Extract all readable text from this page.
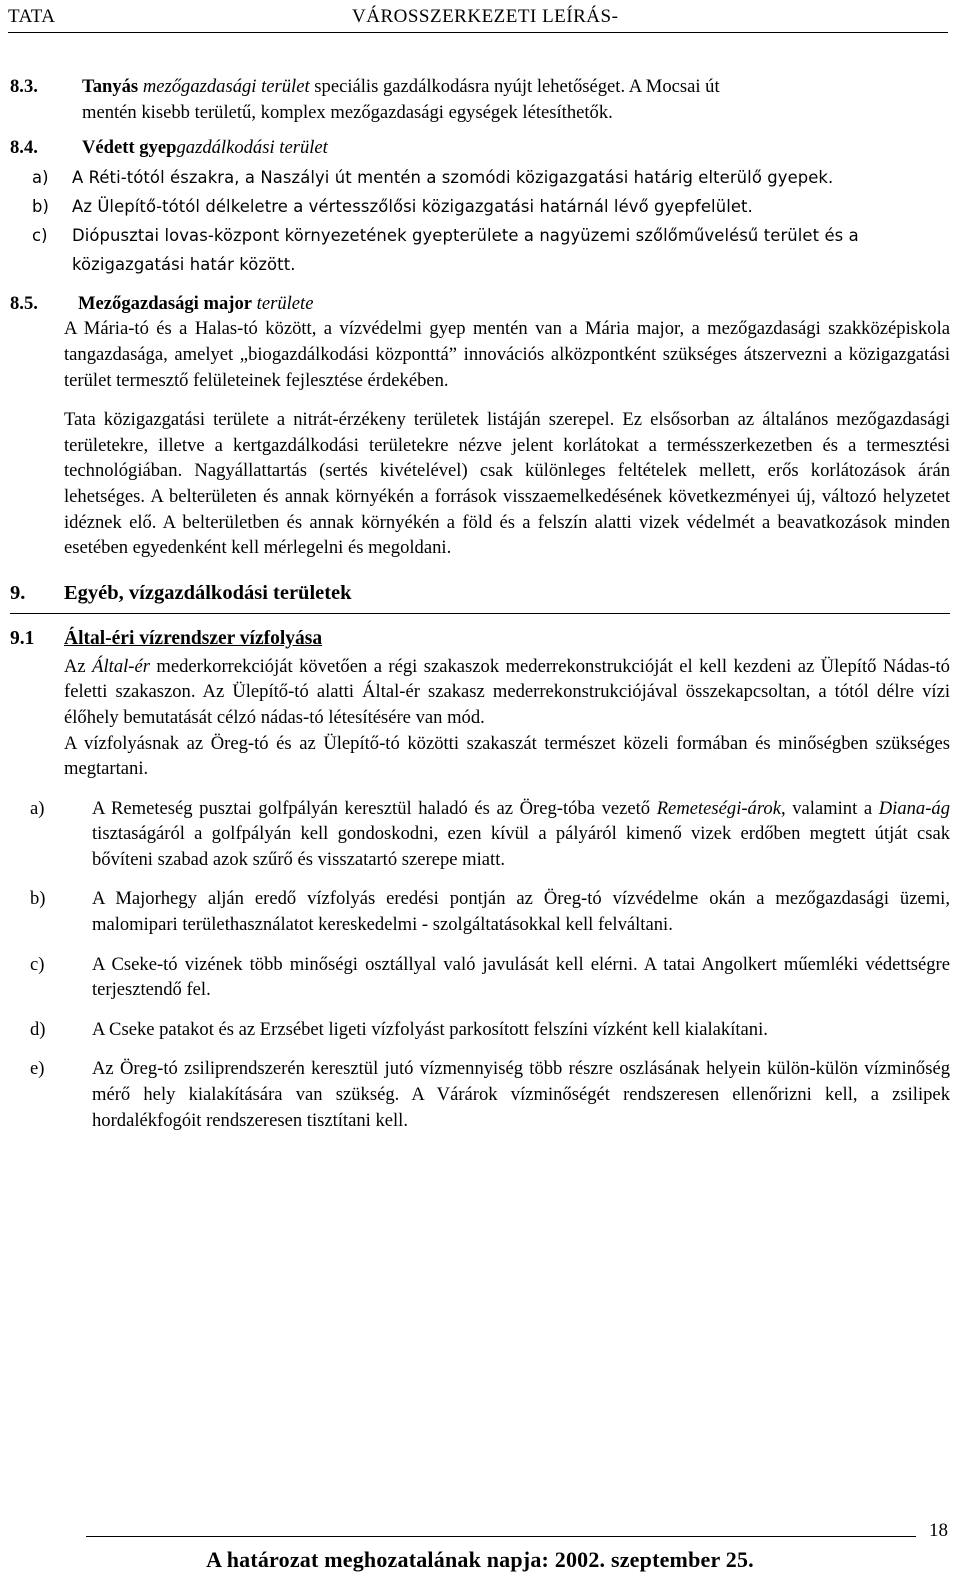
TATA	VÁROSSZERKEZETI LEÍRÁS-
8.3. Tanyás mezőgazdasági terület speciális gazdálkodásra nyújt lehetőséget. A Mocsai út
mentén kisebb területű, komplex mezőgazdasági egységek létesíthetők.
8.4. Védett gyepgazdálkodási terület
a) A Réti-tótól északra, a Naszályi út mentén a szomódi közigazgatási határig elterülő gyepek.
b) Az Ülepítő-tótól délkeletre a vértesszőlősi közigazgatási határnál lévő gyepfelület.
c) Diópusztai lovas-központ környezetének gyepterülete a nagyüzemi szőlőművelésű terület és a közigazgatási határ között.
8.5. Mezőgazdasági major területe
A Mária-tó és a Halas-tó között, a vízvédelmi gyep mentén van a Mária major, a mezőgazdasági szakközépiskola tangazdasága, amelyet „biogazdálkodási központtá” innovációs alközpontként szükséges átszervezni a közigazgatási terület termesztő felületeinek fejlesztése érdekében.
Tata közigazgatási területe a nitrát-érzékeny területek listáján szerepel. Ez elsősorban az általános mezőgazdasági területekre, illetve a kertgazdálkodási területekre nézve jelent korlátokat a termésszerkezetben és a termesztési technológiában. Nagyállattartás (sertés kivételével) csak különleges feltételek mellett, erős korlátozások árán lehetséges. A belterületen és annak környékén a források visszaemelkedésének következményei új, változó helyzetet idéznek elő. A belterületben és annak környékén a föld és a felszín alatti vizek védelmét a beavatkozások minden esetében egyedenként kell mérlegelni és megoldani.
9. Egyéb, vízgazdálkodási területek
9.1 Által-éri vízrendszer vízfolyása
Az Által-ér mederkorrekcióját követően a régi szakaszok mederrekonstrukcióját el kell kezdeni az Ülepítő Nádas-tó feletti szakaszon. Az Ülepítő-tó alatti Által-ér szakasz mederrekonstrukciójával összekapcsoltan, a tótól délre vízi élőhely bemutatását célzó nádas-tó létesítésére van mód.
A vízfolyásnak az Öreg-tó és az Ülepítő-tó közötti szakaszát természet közeli formában és minőségben szükséges megtartani.
a)	A Remeteség pusztai golfpályán keresztül haladó és az Öreg-tóba vezető Remeteségi-árok, valamint a Diana-ág tisztaságáról a golfpályán kell gondoskodni, ezen kívül a pályáról kimenő vizek erdőben megtett útját csak bővíteni szabad azok szűrő és visszatartó szerepe miatt.
b)	A Majorhegy alján eredő vízfolyás eredési pontján az Öreg-tó vízvédelme okán a mezőgazdasági üzemi, malomipari területhasználatot kereskedelmi - szolgáltatásokkal kell felváltani.
c)	A Cseke-tó vizének több minőségi osztállyal való javulását kell elérni. A tatai Angolkert műemléki védettségre terjesztendő fel.
d)	A Cseke patakot és az Erzsébet ligeti vízfolyást parkosított felszíni vízként kell kialakítani.
e)	Az Öreg-tó zsiliprendszerén keresztül jutó vízmennyiség több részre oszlásának helyein külön-külön vízminőség mérő hely kialakítására van szükség. A Várárok vízminőségét rendszeresen ellenőrizni kell, a zsilipek hordalékfogóit rendszeresen tisztítani kell.
18
A határozat meghozatalának napja: 2002. szeptember 25.
